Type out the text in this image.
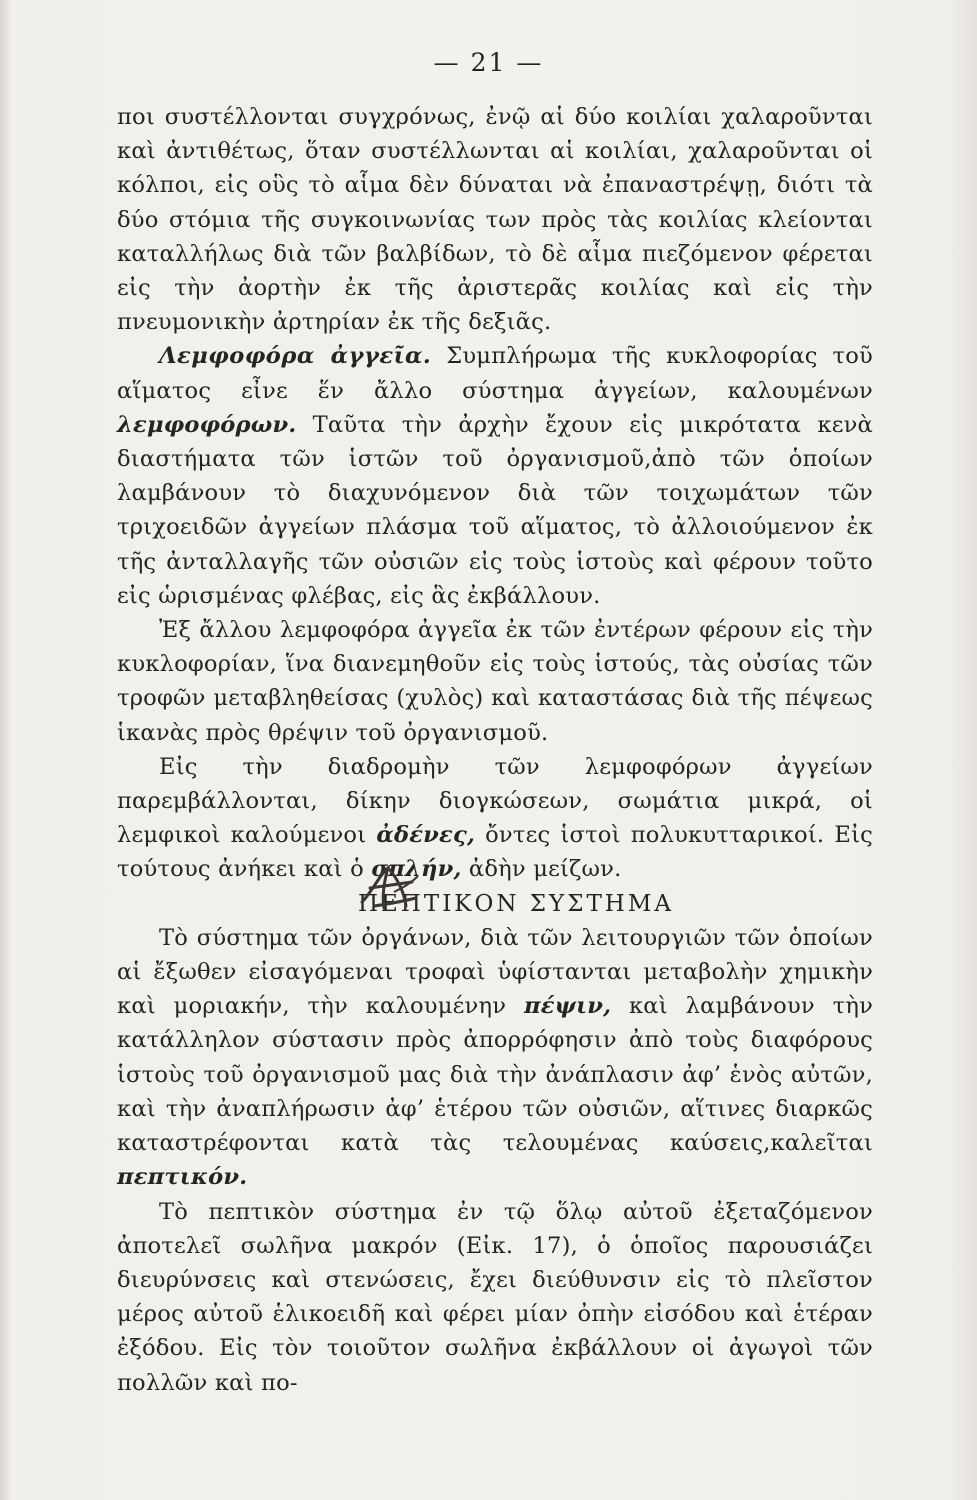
— 21 —

ποι συστέλλονται συγχρόνως, ἐνῷ αἱ δύο κοιλίαι χαλαροῦνται καὶ ἀντιθέτως, ὅταν συστέλλωνται αἱ κοιλίαι, χαλαροῦνται οἱ κόλποι, εἰς οὓς τὸ αἷμα δὲν δύναται νὰ ἐπαναστρέψῃ, διότι τὰ δύο στόμια τῆς συγκοινωνίας των πρὸς τὰς κοιλίας κλείονται καταλλήλως διὰ τῶν βαλβίδων, τὸ δὲ αἷμα πιεζόμενον φέρεται εἰς τὴν ἀορτὴν ἐκ τῆς ἀριστερᾶς κοιλίας καὶ εἰς τὴν πνευμονικὴν ἀρτηρίαν ἐκ τῆς δεξιᾶς.

Λεμφοφόρα ἀγγεῖα. Συμπλήρωμα τῆς κυκλοφορίας τοῦ αἵματος εἶνε ἕν ἄλλο σύστημα ἀγγείων, καλουμένων λεμφοφόρων. Ταῦτα τὴν ἀρχὴν ἔχουν εἰς μικρότατα κενὰ διαστήματα τῶν ἱστῶν τοῦ ὀργανισμοῦ,ἀπὸ τῶν ὁποίων λαμβάνουν τὸ διαχυνόμενον διὰ τῶν τοιχωμάτων τῶν τριχοειδῶν ἀγγείων πλάσμα τοῦ αἵματος, τὸ ἀλλοιούμενον ἐκ τῆς ἀνταλλαγῆς τῶν οὐσιῶν εἰς τοὺς ἱστοὺς καὶ φέρουν τοῦτο εἰς ὡρισμένας φλέβας, εἰς ἃς ἐκβάλλουν.

Ἐξ ἄλλου λεμφοφόρα ἀγγεῖα ἐκ τῶν ἐντέρων φέρουν εἰς τὴν κυκλοφορίαν, ἵνα διανεμηθοῦν εἰς τοὺς ἱστούς, τὰς οὐσίας τῶν τροφῶν μεταβληθείσας (χυλὸς) καὶ καταστάσας διὰ τῆς πέψεως ἱκανὰς πρὸς θρέψιν τοῦ ὀργανισμοῦ.

Εἰς τὴν διαδρομὴν τῶν λεμφοφόρων ἀγγείων παρεμβάλλονται, δίκην διογκώσεων, σωμάτια μικρά, οἱ λεμφικοὶ καλούμενοι ἀδένες, ὄντες ἱστοὶ πολυκυτταρικοί. Εἰς τούτους ἀνήκει καὶ ὁ σπλήν, ἀδὴν μείζων.

ΠΕΠΤΙΚΟΝ ΣΥΣΤΗΜΑ

Τὸ σύστημα τῶν ὀργάνων, διὰ τῶν λειτουργιῶν τῶν ὁποίων αἱ ἔξωθεν εἰσαγόμεναι τροφαὶ ὑφίστανται μεταβολὴν χημικὴν καὶ μοριακήν, τὴν καλουμένην πέψιν, καὶ λαμβάνουν τὴν κατάλληλον σύστασιν πρὸς ἀπορρόφησιν ἀπὸ τοὺς διαφόρους ἱστοὺς τοῦ ὀργανισμοῦ μας διὰ τὴν ἀνάπλασιν ἀφ’ ἑνὸς αὐτῶν, καὶ τὴν ἀναπλήρωσιν ἀφ’ ἑτέρου τῶν οὐσιῶν, αἵτινες διαρκῶς καταστρέφονται κατὰ τὰς τελουμένας καύσεις,καλεῖται πεπτικόν.

Τὸ πεπτικὸν σύστημα ἐν τῷ ὅλῳ αὐτοῦ ἐξεταζόμενον ἀποτελεῖ σωλῆνα μακρόν (Εἰκ. 17), ὁ ὁποῖος παρουσιάζει διευρύνσεις καὶ στενώσεις, ἔχει διεύθυνσιν εἰς τὸ πλεῖστον μέρος αὐτοῦ ἑλικοειδῆ καὶ φέρει μίαν ὀπὴν εἰσόδου καὶ ἑτέραν ἐξόδου. Εἰς τὸν τοιοῦτον σωλῆνα ἐκβάλλουν οἱ ἀγωγοὶ τῶν πολλῶν καὶ πο-
